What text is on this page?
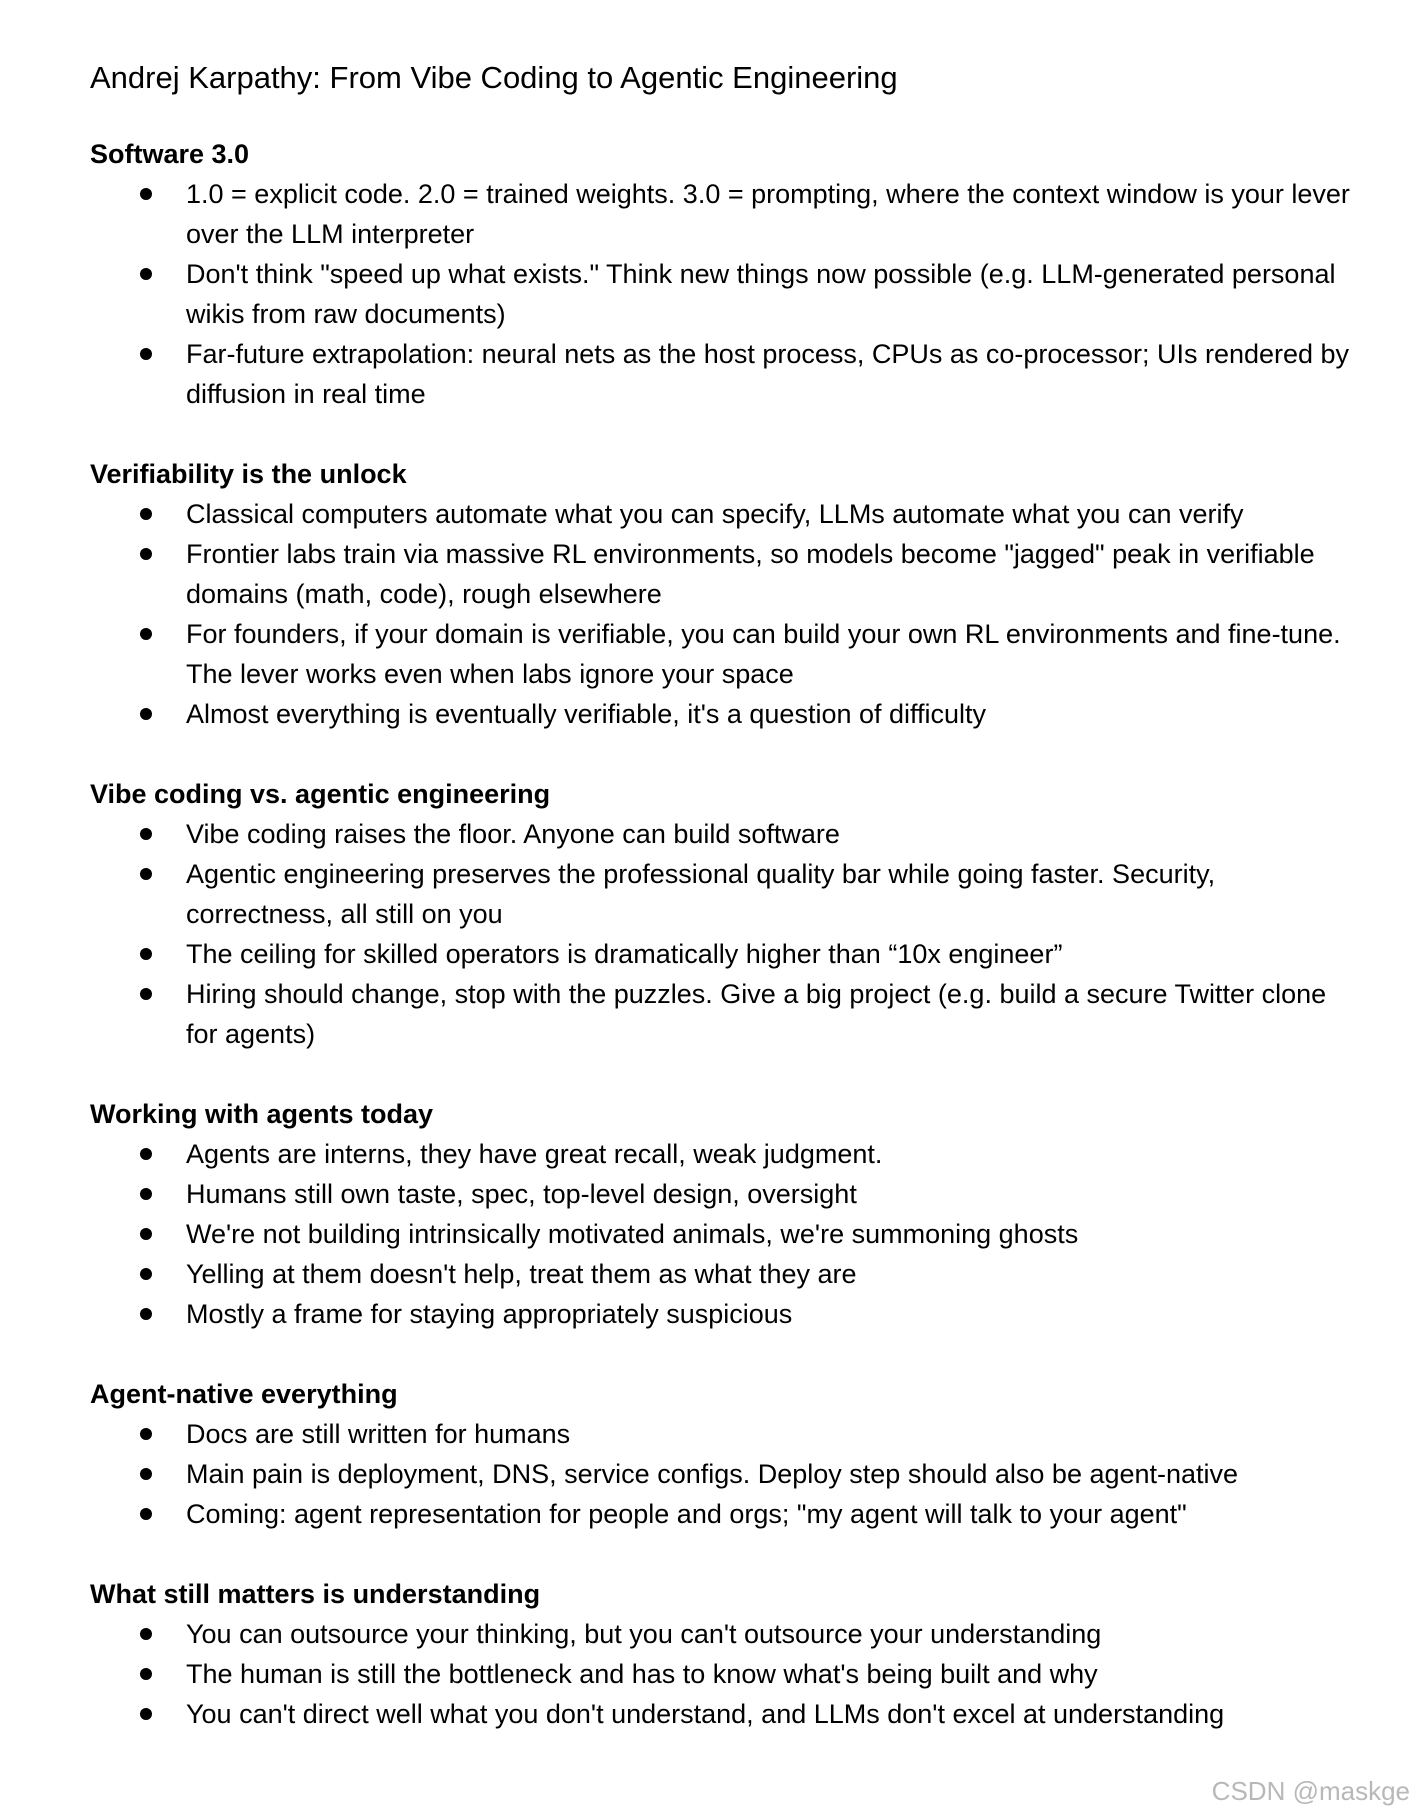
Andrej Karpathy: From Vibe Coding to Agentic Engineering
Software 3.0
1.0 = explicit code. 2.0 = trained weights. 3.0 = prompting, where the context window is your lever over the LLM interpreter
Don't think "speed up what exists." Think new things now possible (e.g. LLM-generated personal wikis from raw documents)
Far-future extrapolation: neural nets as the host process, CPUs as co-processor; UIs rendered by diffusion in real time
Verifiability is the unlock
Classical computers automate what you can specify, LLMs automate what you can verify
Frontier labs train via massive RL environments, so models become "jagged" peak in verifiable domains (math, code), rough elsewhere
For founders, if your domain is verifiable, you can build your own RL environments and fine-tune. The lever works even when labs ignore your space
Almost everything is eventually verifiable, it's a question of difficulty
Vibe coding vs. agentic engineering
Vibe coding raises the floor. Anyone can build software
Agentic engineering preserves the professional quality bar while going faster. Security, correctness, all still on you
The ceiling for skilled operators is dramatically higher than “10x engineer”
Hiring should change, stop with the puzzles. Give a big project (e.g. build a secure Twitter clone for agents)
Working with agents today
Agents are interns, they have great recall, weak judgment.
Humans still own taste, spec, top-level design, oversight
We're not building intrinsically motivated animals, we're summoning ghosts
Yelling at them doesn't help, treat them as what they are
Mostly a frame for staying appropriately suspicious
Agent-native everything
Docs are still written for humans
Main pain is deployment, DNS, service configs. Deploy step should also be agent-native
Coming: agent representation for people and orgs; "my agent will talk to your agent"
What still matters is understanding
You can outsource your thinking, but you can't outsource your understanding
The human is still the bottleneck and has to know what's being built and why
You can't direct well what you don't understand, and LLMs don't excel at understanding
CSDN @maskge
